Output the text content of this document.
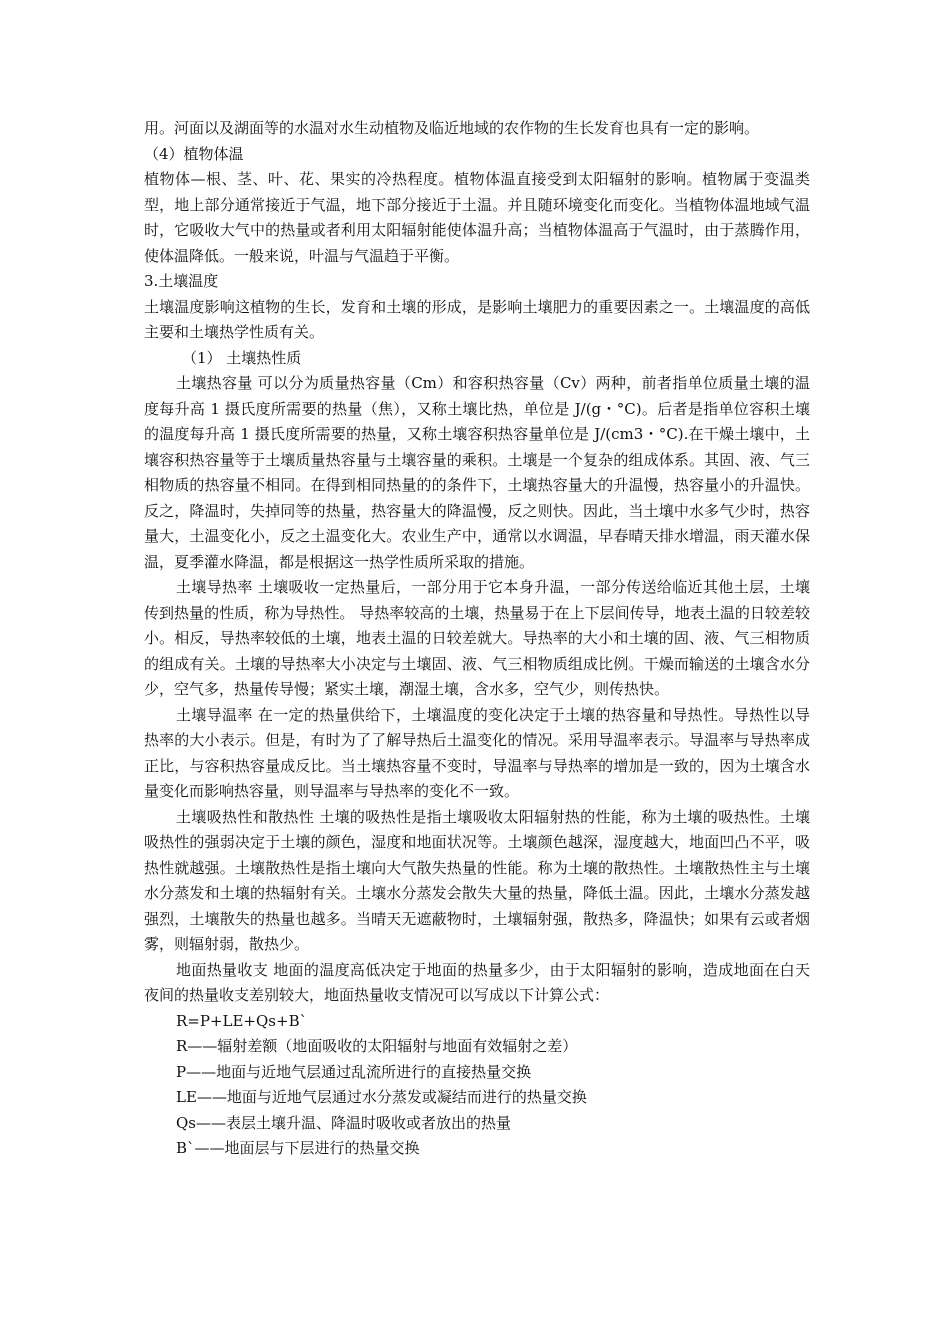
用。河面以及湖面等的水温对水生动植物及临近地域的农作物的生长发育也具有一定的影响。

（4）植物体温

植物体—根、茎、叶、花、果实的冷热程度。植物体温直接受到太阳辐射的影响。植物属于变温类型，地上部分通常接近于气温，地下部分接近于土温。并且随环境变化而变化。当植物体温地域气温时，它吸收大气中的热量或者利用太阳辐射能使体温升高；当植物体温高于气温时，由于蒸腾作用，使体温降低。一般来说，叶温与气温趋于平衡。

3.土壤温度

土壤温度影响这植物的生长，发育和土壤的形成，是影响土壤肥力的重要因素之一。土壤温度的高低主要和土壤热学性质有关。

（1） 土壤热性质

土壤热容量 可以分为质量热容量（Cm）和容积热容量（Cv）两种，前者指单位质量土壤的温度每升高 1 摄氏度所需要的热量（焦），又称土壤比热，单位是 J/(g・°C)。后者是指单位容积土壤的温度每升高 1 摄氏度所需要的热量，又称土壤容积热容量单位是 J/(cm3・°C).在干燥土壤中，土壤容积热容量等于土壤质量热容量与土壤容量的乘积。土壤是一个复杂的组成体系。其固、液、气三相物质的热容量不相同。在得到相同热量的的条件下，土壤热容量大的升温慢，热容量小的升温快。反之，降温时，失掉同等的热量，热容量大的降温慢，反之则快。因此，当土壤中水多气少时，热容量大，土温变化小，反之土温变化大。农业生产中，通常以水调温，早春晴天排水增温，雨天灌水保温，夏季灌水降温，都是根据这一热学性质所采取的措施。

土壤导热率 土壤吸收一定热量后，一部分用于它本身升温，一部分传送给临近其他土层，土壤传到热量的性质，称为导热性。 导热率较高的土壤，热量易于在上下层间传导，地表土温的日较差较小。相反，导热率较低的土壤，地表土温的日较差就大。导热率的大小和土壤的固、液、气三相物质的组成有关。土壤的导热率大小决定与土壤固、液、气三相物质组成比例。干燥而输送的土壤含水分少，空气多，热量传导慢；紧实土壤，潮湿土壤，含水多，空气少，则传热快。

土壤导温率 在一定的热量供给下，土壤温度的变化决定于土壤的热容量和导热性。导热性以导热率的大小表示。但是，有时为了了解导热后土温变化的情况。采用导温率表示。导温率与导热率成正比，与容积热容量成反比。当土壤热容量不变时，导温率与导热率的增加是一致的，因为土壤含水量变化而影响热容量，则导温率与导热率的变化不一致。

土壤吸热性和散热性 土壤的吸热性是指土壤吸收太阳辐射热的性能，称为土壤的吸热性。土壤吸热性的强弱决定于土壤的颜色，湿度和地面状况等。土壤颜色越深，湿度越大，地面凹凸不平，吸热性就越强。土壤散热性是指土壤向大气散失热量的性能。称为土壤的散热性。土壤散热性主与土壤水分蒸发和土壤的热辐射有关。土壤水分蒸发会散失大量的热量，降低土温。因此，土壤水分蒸发越强烈，土壤散失的热量也越多。当晴天无遮蔽物时，土壤辐射强，散热多，降温快；如果有云或者烟雾，则辐射弱，散热少。

地面热量收支 地面的温度高低决定于地面的热量多少，由于太阳辐射的影响，造成地面在白天夜间的热量收支差别较大，地面热量收支情况可以写成以下计算公式：

R=P+LE+Qs+B`

R——辐射差额（地面吸收的太阳辐射与地面有效辐射之差）

P——地面与近地气层通过乱流所进行的直接热量交换

LE——地面与近地气层通过水分蒸发或凝结而进行的热量交换

Qs——表层土壤升温、降温时吸收或者放出的热量

B`——地面层与下层进行的热量交换
